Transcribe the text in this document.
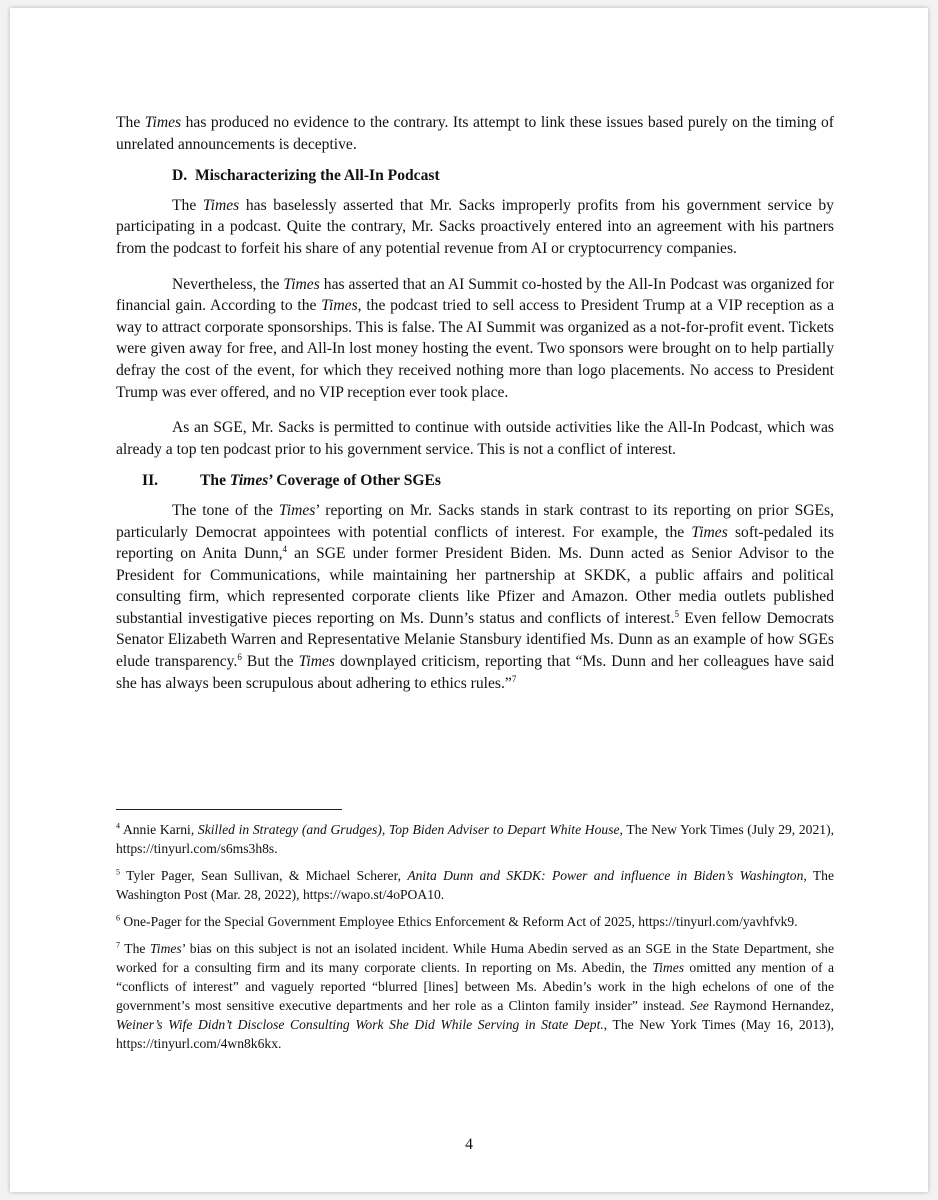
The Times has produced no evidence to the contrary. Its attempt to link these issues based purely on the timing of unrelated announcements is deceptive.

D.  Mischaracterizing the All-In Podcast

The Times has baselessly asserted that Mr. Sacks improperly profits from his government service by participating in a podcast. Quite the contrary, Mr. Sacks proactively entered into an agreement with his partners from the podcast to forfeit his share of any potential revenue from AI or cryptocurrency companies.

Nevertheless, the Times has asserted that an AI Summit co-hosted by the All-In Podcast was organized for financial gain. According to the Times, the podcast tried to sell access to President Trump at a VIP reception as a way to attract corporate sponsorships. This is false. The AI Summit was organized as a not-for-profit event. Tickets were given away for free, and All-In lost money hosting the event. Two sponsors were brought on to help partially defray the cost of the event, for which they received nothing more than logo placements. No access to President Trump was ever offered, and no VIP reception ever took place.

As an SGE, Mr. Sacks is permitted to continue with outside activities like the All-In Podcast, which was already a top ten podcast prior to his government service. This is not a conflict of interest.

II.	The Times’ Coverage of Other SGEs

The tone of the Times’ reporting on Mr. Sacks stands in stark contrast to its reporting on prior SGEs, particularly Democrat appointees with potential conflicts of interest. For example, the Times soft-pedaled its reporting on Anita Dunn,$^4$ an SGE under former President Biden. Ms. Dunn acted as Senior Advisor to the President for Communications, while maintaining her partnership at SKDK, a public affairs and political consulting firm, which represented corporate clients like Pfizer and Amazon. Other media outlets published substantial investigative pieces reporting on Ms. Dunn’s status and conflicts of interest.$^5$ Even fellow Democrats Senator Elizabeth Warren and Representative Melanie Stansbury identified Ms. Dunn as an example of how SGEs elude transparency.$^6$ But the Times downplayed criticism, reporting that “Ms. Dunn and her colleagues have said she has always been scrupulous about adhering to ethics rules.”$^7$

$^4$ Annie Karni, Skilled in Strategy (and Grudges), Top Biden Adviser to Depart White House, The New York Times (July 29, 2021), https://tinyurl.com/s6ms3h8s.

$^5$ Tyler Pager, Sean Sullivan, & Michael Scherer, Anita Dunn and SKDK: Power and influence in Biden’s Washington, The Washington Post (Mar. 28, 2022), https://wapo.st/4oPOA10.

$^6$ One-Pager for the Special Government Employee Ethics Enforcement & Reform Act of 2025, https://tinyurl.com/yavhfvk9.

$^7$ The Times’ bias on this subject is not an isolated incident. While Huma Abedin served as an SGE in the State Department, she worked for a consulting firm and its many corporate clients. In reporting on Ms. Abedin, the Times omitted any mention of a “conflicts of interest” and vaguely reported “blurred [lines] between Ms. Abedin’s work in the high echelons of one of the government’s most sensitive executive departments and her role as a Clinton family insider” instead. See Raymond Hernandez, Weiner’s Wife Didn’t Disclose Consulting Work She Did While Serving in State Dept., The New York Times (May 16, 2013), https://tinyurl.com/4wn8k6kx.

4
